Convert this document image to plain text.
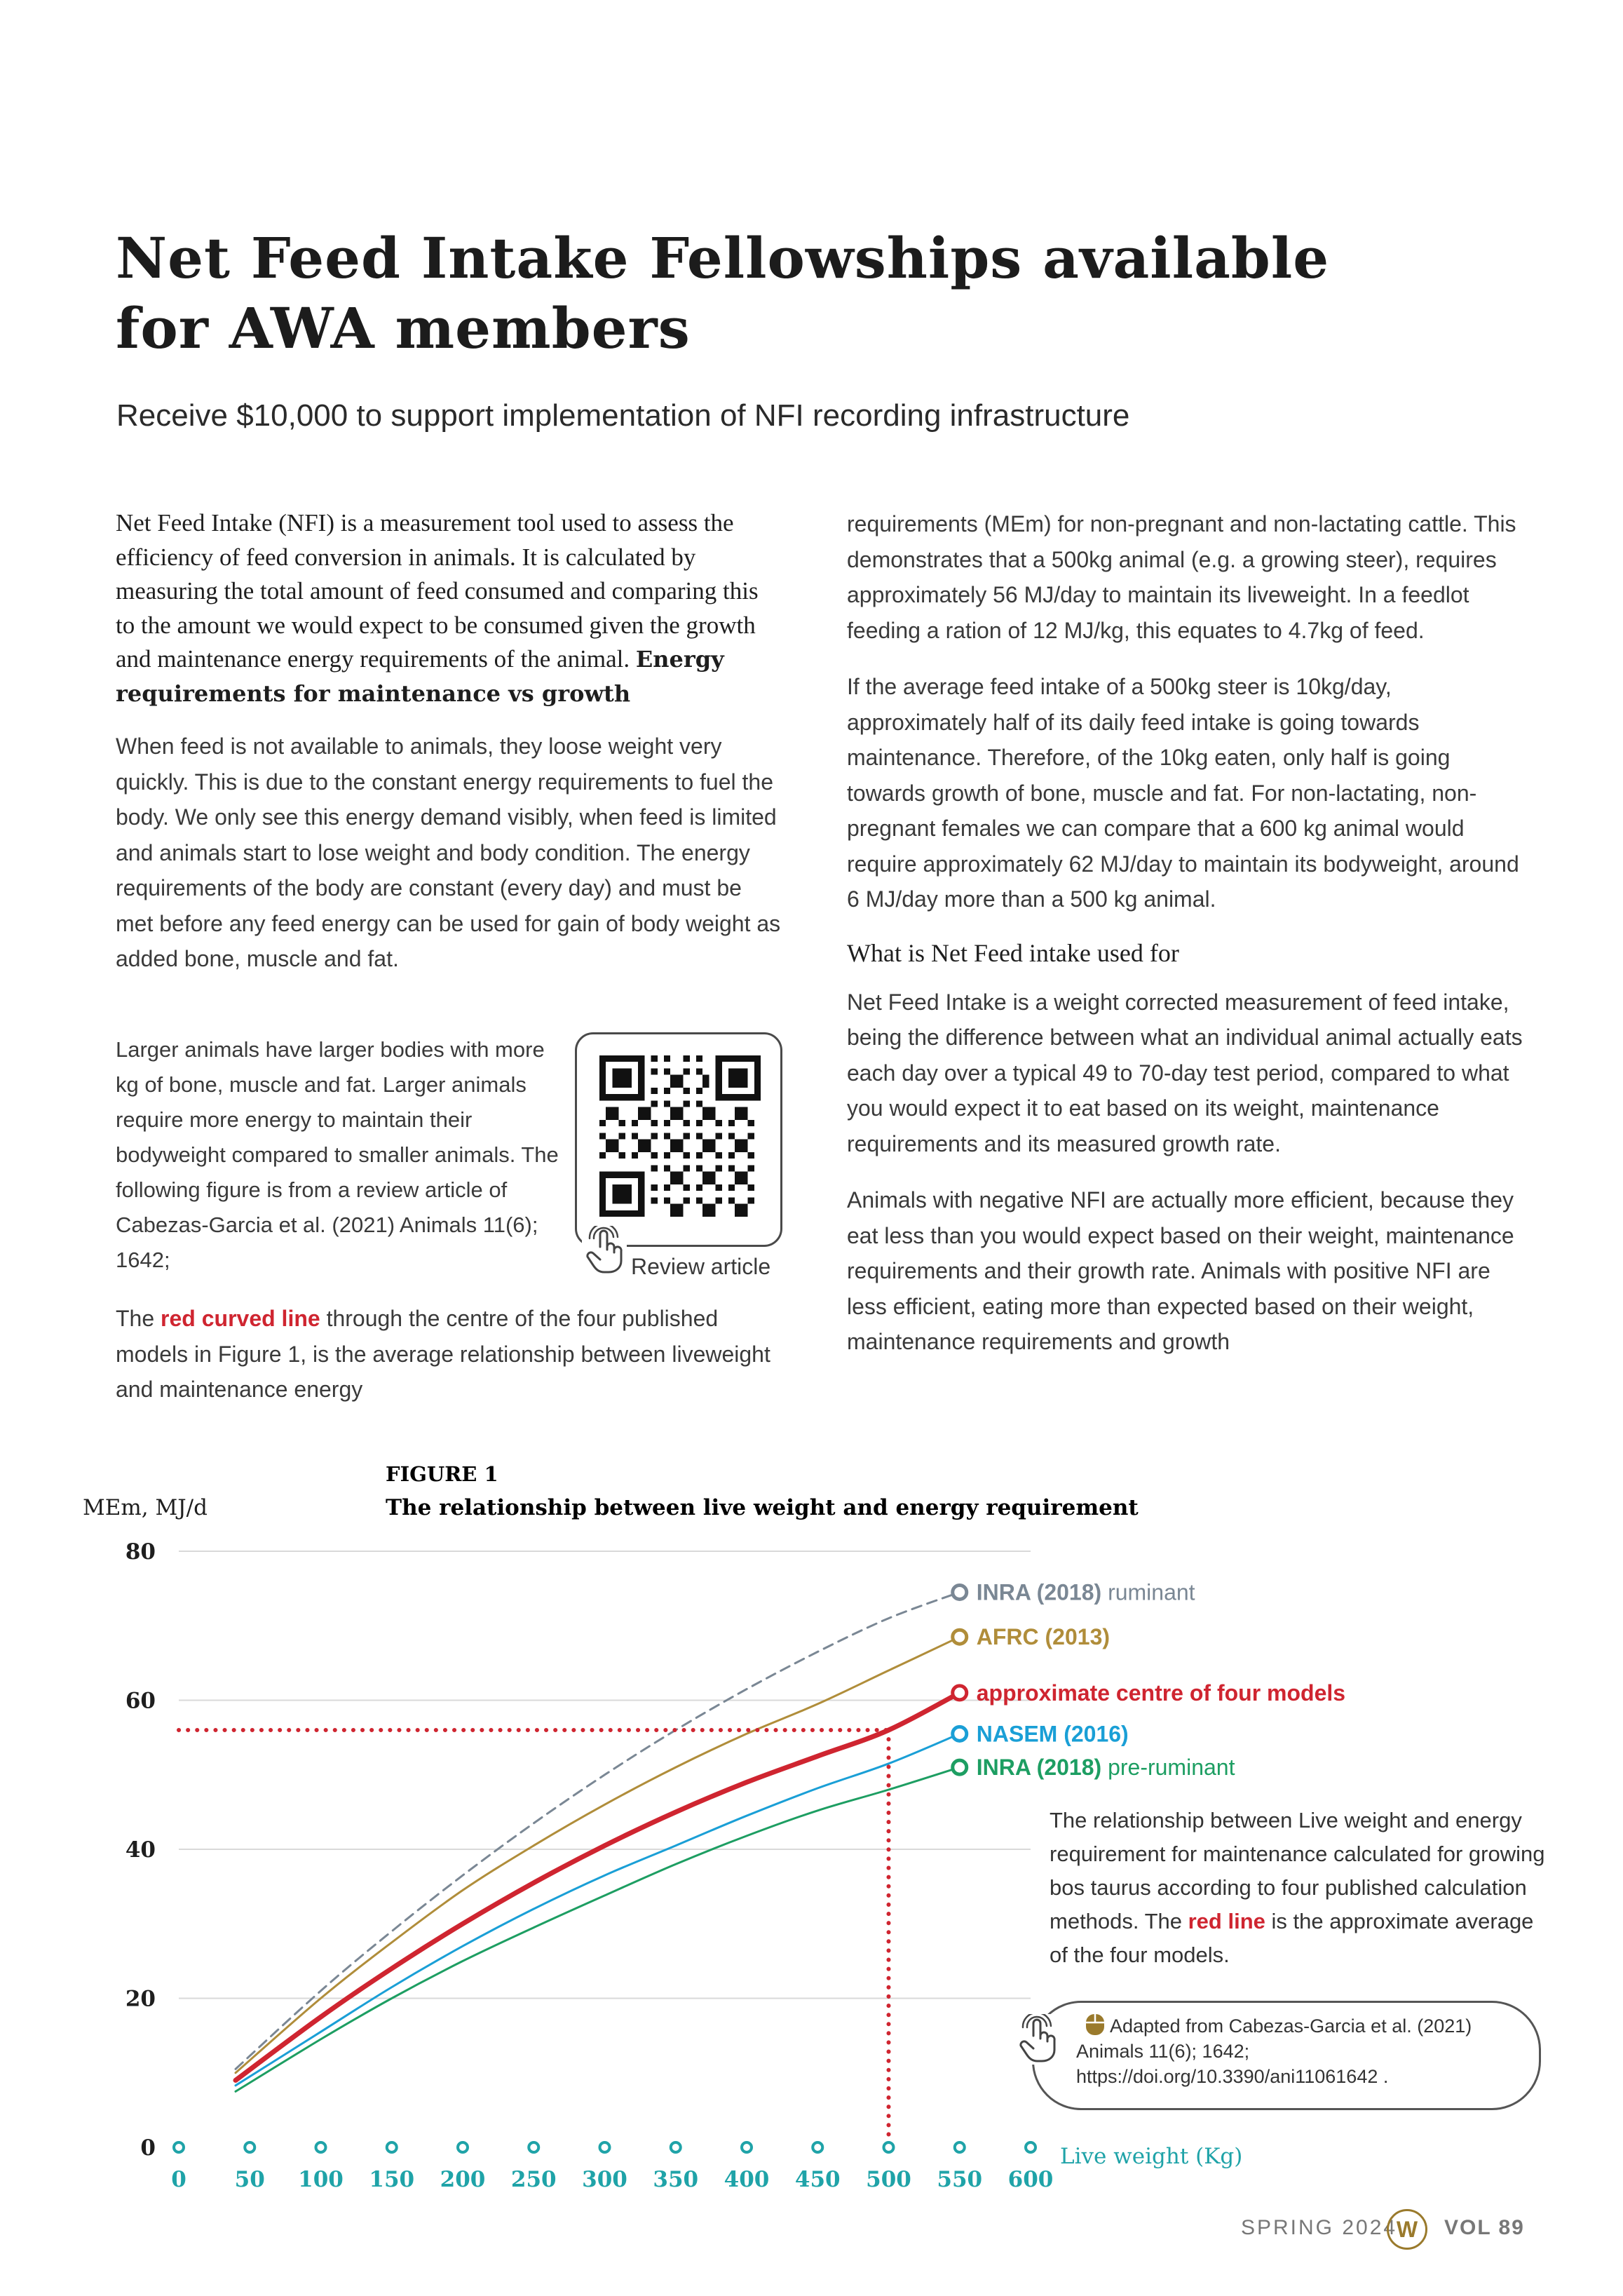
Net Feed Intake Fellowships available
for AWA members
Receive $10,000 to support implementation of NFI recording infrastructure

Net Feed Intake (NFI) is a measurement tool used to assess the efficiency of feed conversion in animals. It is calculated by measuring the total amount of feed consumed and comparing this to the amount we would expect to be consumed given the growth and maintenance energy requirements of the animal. Energy requirements for maintenance vs growth

When feed is not available to animals, they loose weight very quickly. This is due to the constant energy requirements to fuel the body. We only see this energy demand visibly, when feed is limited and animals start to lose weight and body condition. The energy requirements of the body are constant (every day) and must be met before any feed energy can be used for gain of body weight as added bone, muscle and fat.

Larger animals have larger bodies with more kg of bone, muscle and fat. Larger animals require more energy to maintain their bodyweight compared to smaller animals. The following figure is from a review article of Cabezas-Garcia et al. (2021) Animals 11(6); 1642;	Review article
The red curved line through the centre of the four published models in Figure 1, is the average relationship between liveweight and maintenance energy

requirements (MEm) for non-pregnant and non-lactating cattle. This demonstrates that a 500kg animal (e.g. a growing steer), requires approximately 56 MJ/day to maintain its liveweight. In a feedlot feeding a ration of 12 MJ/kg, this equates to 4.7kg of feed.

If the average feed intake of a 500kg steer is 10kg/day, approximately half of its daily feed intake is going towards maintenance. Therefore, of the 10kg eaten, only half is going towards growth of bone, muscle and fat. For non-lactating, non-pregnant females we can compare that a 600 kg animal would require approximately 62 MJ/day to maintain its bodyweight, around 6 MJ/day more than a 500 kg animal.

What is Net Feed intake used for

Net Feed Intake is a weight corrected measurement of feed intake, being the difference between what an individual animal actually eats each day over a typical 49 to 70-day test period, compared to what you would expect it to eat based on its weight, maintenance requirements and its measured growth rate.

Animals with negative NFI are actually more efficient, because they eat less than you would expect based on their weight, maintenance requirements and their growth rate. Animals with positive NFI are less efficient, eating more than expected based on their weight, maintenance requirements and growth

0
20
40
60
80
0 50 100 150 200 250 300 350 400 450 500 550 600
INRA (2018) ruminant
AFRC (2013)
approximate centre of four models
NASEM (2016)
INRA (2018) pre-ruminant
FIGURE 1
The relationship between live weight and energy requirement
MEm, MJ/d
Live weight (Kg)
The relationship between Live weight and energy requirement for maintenance calculated for growing bos taurus according to four published calculation methods. The red line is the approximate average of the four models.
Adapted from Cabezas-Garcia et al. (2021) Animals 11(6); 1642; https://doi.org/10.3390/ani11061642 .
SPRING 2024
W	VOL 89
